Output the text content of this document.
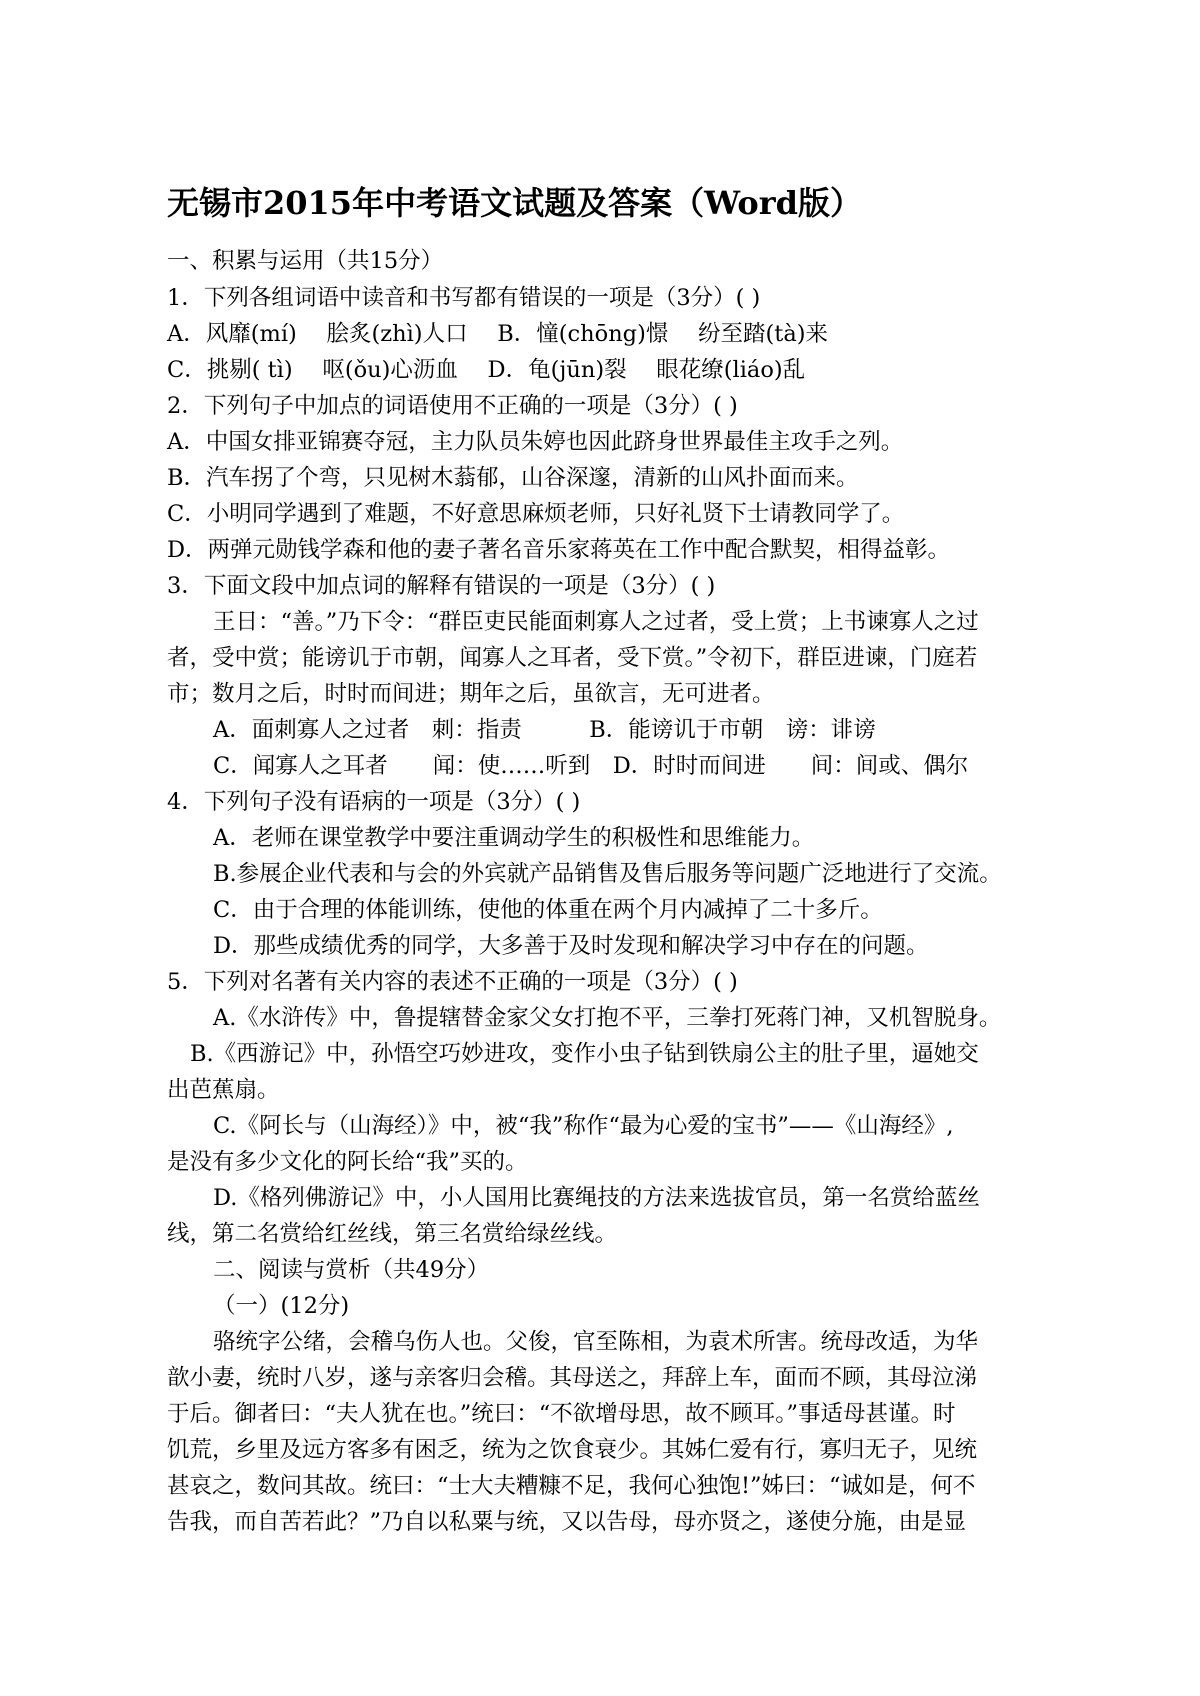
无锡市2015年中考语文试题及答案（Word版）
一、积累与运用（共15分）
1．下列各组词语中读音和书写都有错误的一项是（3分）( )
A．风靡(mí)　 脍炙(zhì)人口　 B．憧(chōng)憬　 纷至踏(tà)来
C．挑剔( tì)　 呕(ǒu)心沥血　 D．龟(jūn)裂　 眼花缭(liáo)乱
2．下列句子中加点的词语使用不正确的一项是（3分）( )
A．中国女排亚锦赛夺冠，主力队员朱婷也因此跻身世界最佳主攻手之列。
B．汽车拐了个弯，只见树木蓊郁，山谷深邃，清新的山风扑面而来。
C．小明同学遇到了难题，不好意思麻烦老师，只好礼贤下士请教同学了。
D．两弹元勋钱学森和他的妻子著名音乐家蒋英在工作中配合默契，相得益彰。
3．下面文段中加点词的解释有错误的一项是（3分）( )
王日：“善。”乃下令：“群臣吏民能面刺寡人之过者，受上赏；上书谏寡人之过
者，受中赏；能谤讥于市朝，闻寡人之耳者，受下赏。”令初下，群臣进谏，门庭若
市；数月之后，时时而间进；期年之后，虽欲言，无可进者。
A．面刺寡人之过者　刺：指责　　　B．能谤讥于市朝　谤：诽谤
C．闻寡人之耳者　　闻：使……听到　D．时时而间进　　间：间或、偶尔
4．下列句子没有语病的一项是（3分）( )
A．老师在课堂教学中要注重调动学生的积极性和思维能力。
B.参展企业代表和与会的外宾就产品销售及售后服务等问题广泛地进行了交流。
C．由于合理的体能训练，使他的体重在两个月内减掉了二十多斤。
D．那些成绩优秀的同学，大多善于及时发现和解决学习中存在的问题。
5．下列对名著有关内容的表述不正确的一项是（3分）( )
A.《水浒传》中，鲁提辖替金家父女打抱不平，三拳打死蒋门神，又机智脱身。
B.《西游记》中，孙悟空巧妙进攻，变作小虫子钻到铁扇公主的肚子里，逼她交
出芭蕉扇。
C.《阿长与（山海经）》中，被“我”称作“最为心爱的宝书”——《山海经》,
是没有多少文化的阿长给“我”买的。
D.《格列佛游记》中，小人国用比赛绳技的方法来选拔官员，第一名赏给蓝丝
线，第二名赏给红丝线，第三名赏给绿丝线。
二、阅读与赏析（共49分）
（一）(12分)
骆统字公绪，会稽乌伤人也。父俊，官至陈相，为袁术所害。统母改适，为华
歆小妻，统时八岁，遂与亲客归会稽。其母送之，拜辞上车，面而不顾，其母泣涕
于后。御者曰：“夫人犹在也。”统曰：“不欲增母思，故不顾耳。”事适母甚谨。时
饥荒，乡里及远方客多有困乏，统为之饮食衰少。其姊仁爱有行，寡归无子，见统
甚哀之，数问其故。统曰：“士大夫糟糠不足，我何心独饱!”姊曰：“诚如是，何不
告我，而自苦若此？”乃自以私粟与统，又以告母，母亦贤之，遂使分施，由是显
